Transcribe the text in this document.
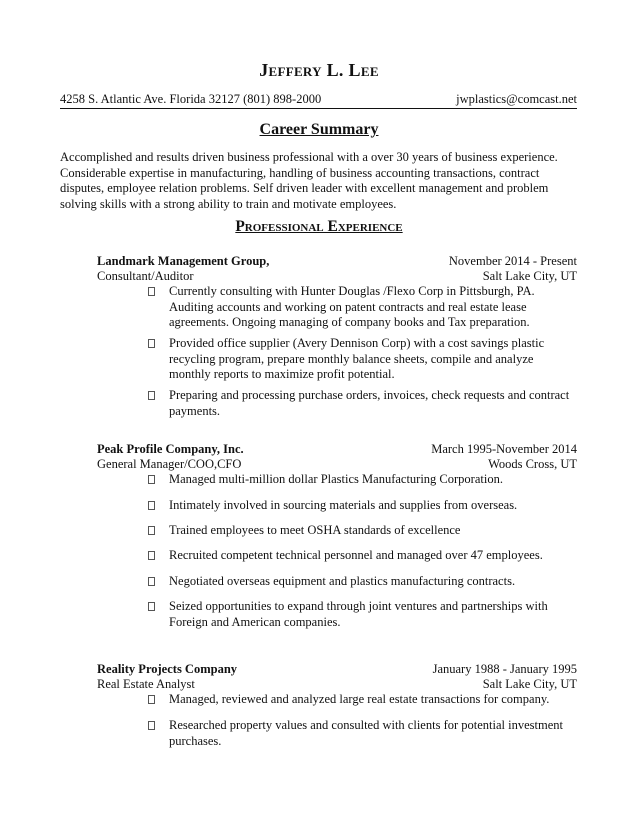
Jeffery L. Lee
4258 S. Atlantic Ave. Florida 32127 (801) 898-2000	jwplastics@comcast.net
Career Summary
Accomplished and results driven business professional with a over 30 years of business experience. Considerable expertise in manufacturing, handling of business accounting transactions, contract disputes, employee relation problems. Self driven leader with excellent management and problem solving skills with a strong ability to train and motivate employees.
Professional Experience
Landmark Management Group,	November 2014 - Present
Consultant/Auditor	Salt Lake City, UT
Currently consulting with Hunter Douglas /Flexo Corp in Pittsburgh, PA. Auditing accounts and working on patent contracts and real estate lease agreements. Ongoing managing of company books and Tax preparation.
Provided office supplier (Avery Dennison Corp) with a cost savings plastic recycling program, prepare monthly balance sheets, compile and analyze monthly reports to maximize profit potential.
Preparing and processing purchase orders, invoices, check requests and contract payments.
Peak Profile Company, Inc.	March 1995-November 2014
General Manager/COO,CFO	Woods Cross, UT
Managed multi-million dollar Plastics Manufacturing Corporation.
Intimately involved in sourcing materials and supplies from overseas.
Trained employees to meet OSHA standards of excellence
Recruited competent technical personnel and managed over 47 employees.
Negotiated overseas equipment and plastics manufacturing contracts.
Seized opportunities to expand through joint ventures and partnerships with Foreign and American companies.
Reality Projects Company	January 1988 - January 1995
Real Estate Analyst	Salt Lake City, UT
Managed, reviewed and analyzed large real estate transactions for company.
Researched property values and consulted with clients for potential investment purchases.
